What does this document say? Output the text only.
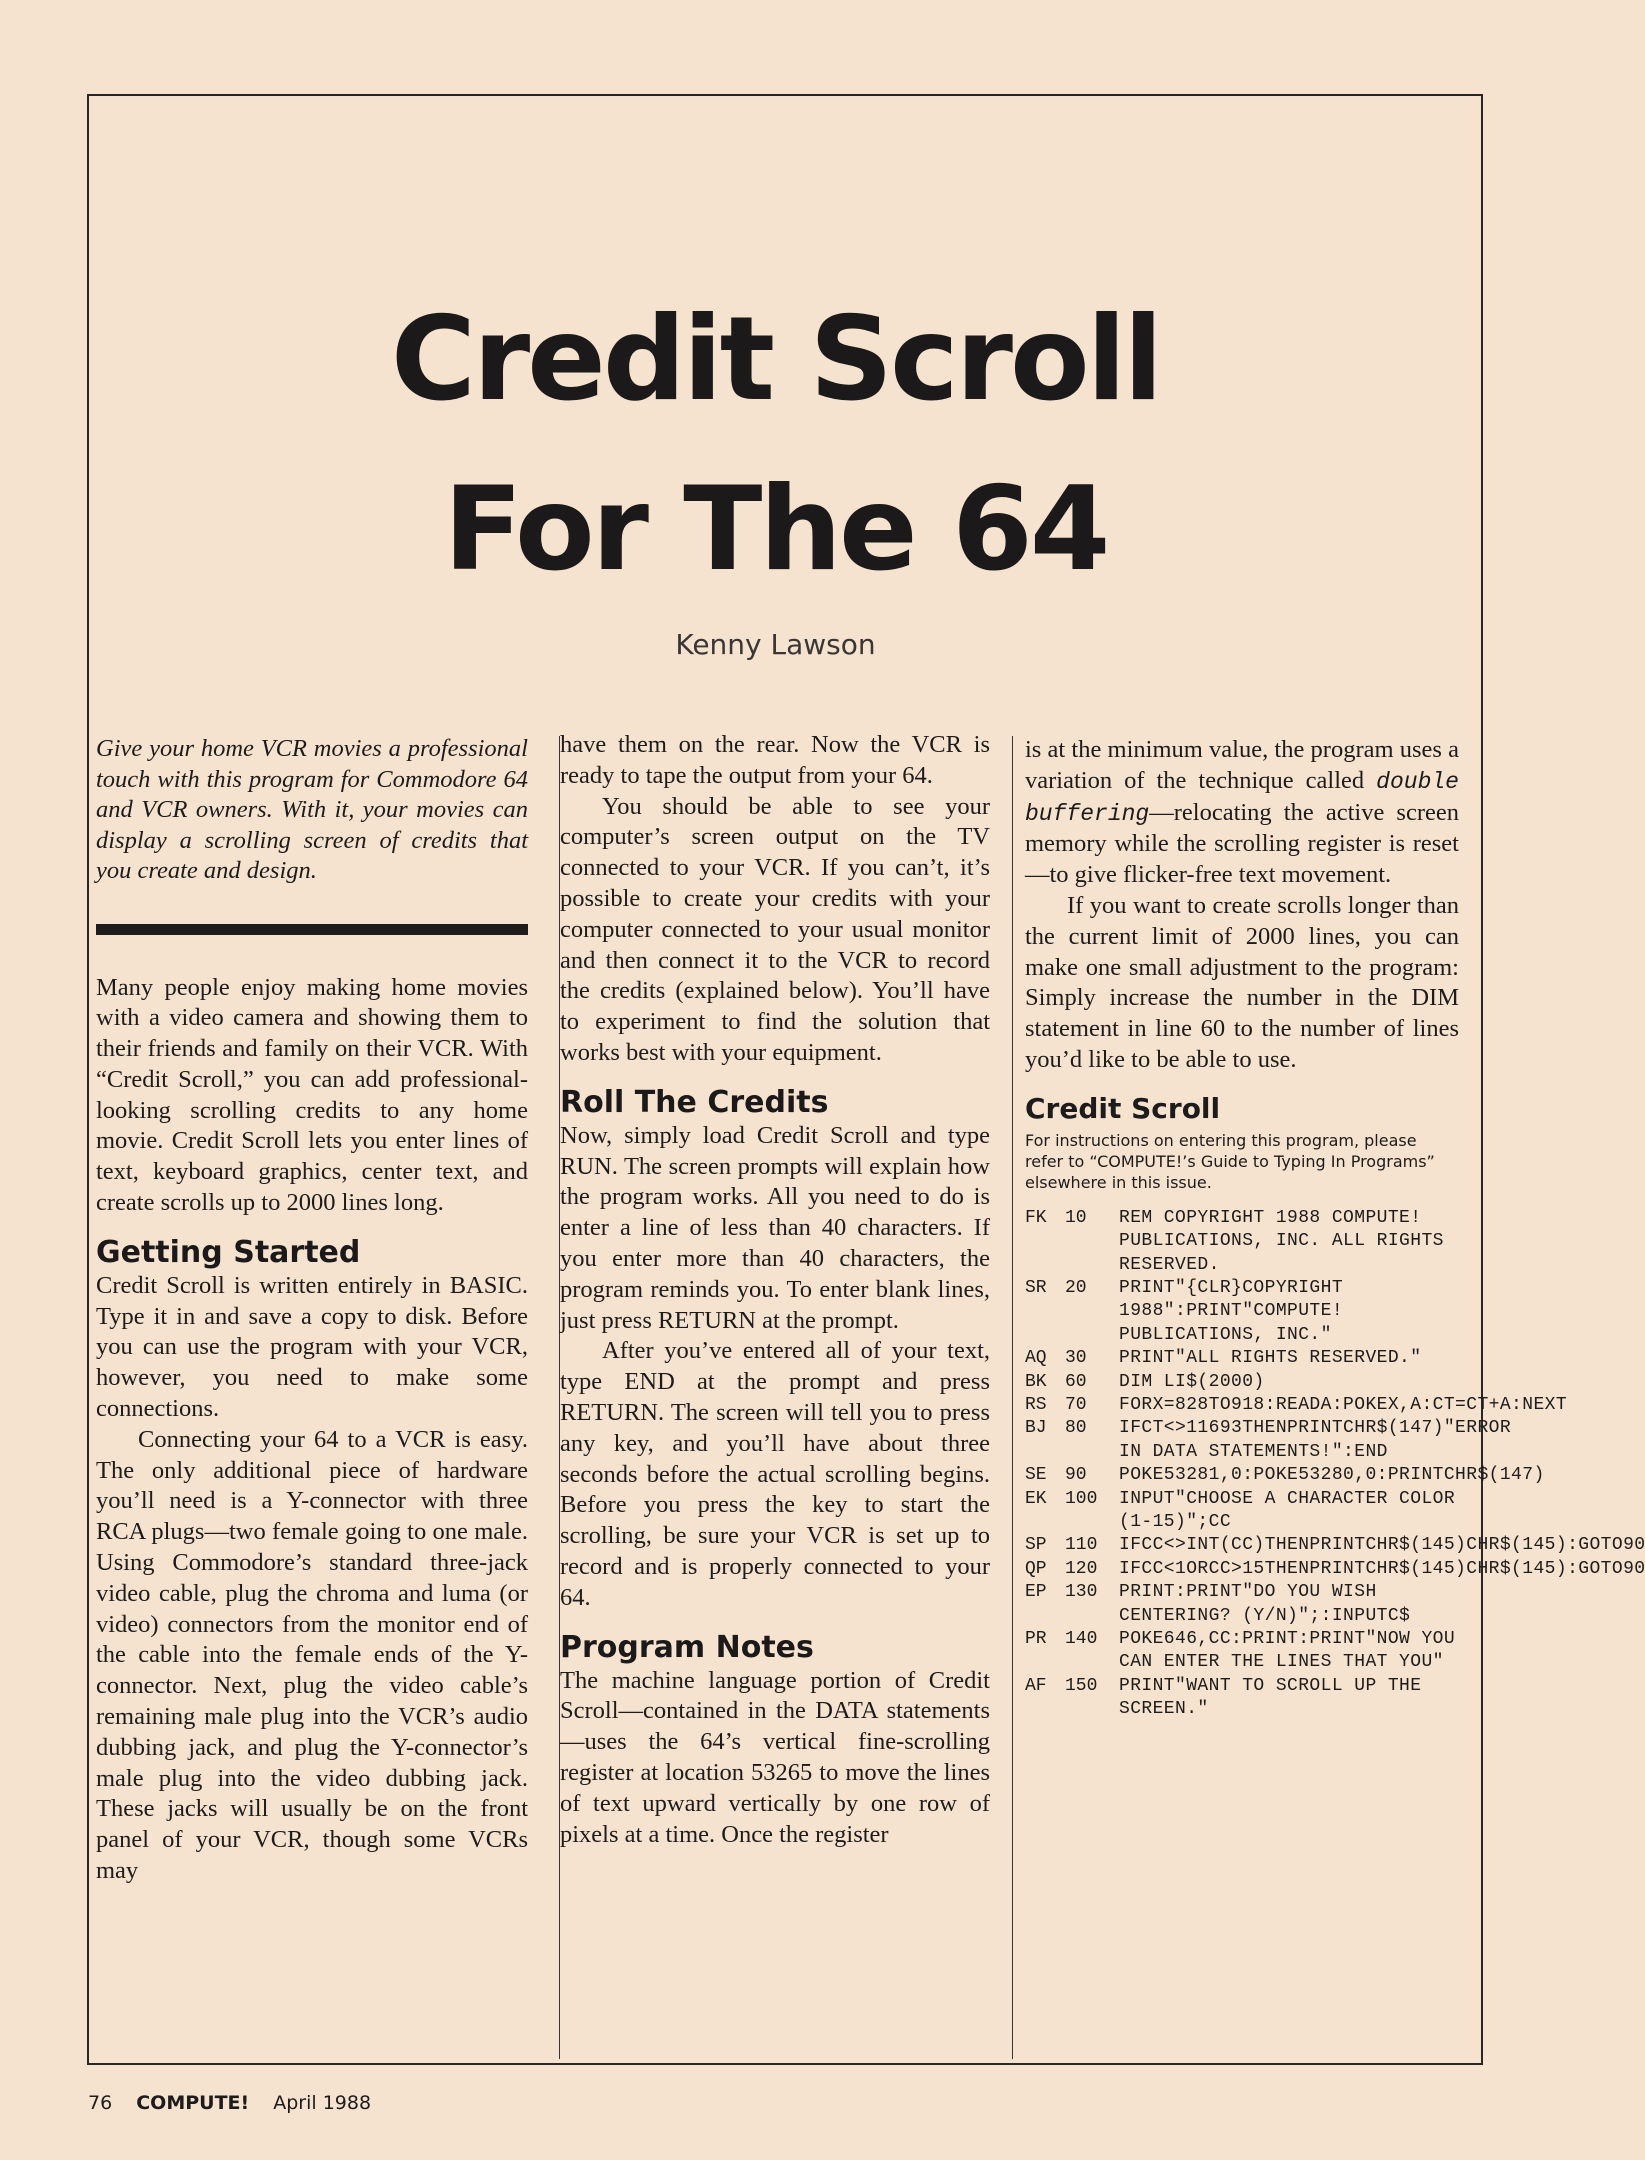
Credit Scroll
For The 64
Kenny Lawson

Give your home VCR movies a professional touch with this program for Commodore 64 and VCR owners. With it, your movies can display a scrolling screen of credits that you create and design.

Many people enjoy making home movies with a video camera and showing them to their friends and family on their VCR. With “Credit Scroll,” you can add professional-looking scrolling credits to any home movie. Credit Scroll lets you enter lines of text, keyboard graphics, center text, and create scrolls up to 2000 lines long.

Getting Started

Credit Scroll is written entirely in BASIC. Type it in and save a copy to disk. Before you can use the program with your VCR, however, you need to make some connections.

Connecting your 64 to a VCR is easy. The only additional piece of hardware you’ll need is a Y-connector with three RCA plugs—two female going to one male. Using Commodore’s standard three-jack video cable, plug the chroma and luma (or video) connectors from the monitor end of the cable into the female ends of the Y-connector. Next, plug the video cable’s remaining male plug into the VCR’s audio dubbing jack, and plug the Y-connector’s male plug into the video dubbing jack. These jacks will usually be on the front panel of your VCR, though some VCRs may

have them on the rear. Now the VCR is ready to tape the output from your 64.

You should be able to see your computer’s screen output on the TV connected to your VCR. If you can’t, it’s possible to create your credits with your computer connected to your usual monitor and then connect it to the VCR to record the credits (explained below). You’ll have to experiment to find the solution that works best with your equipment.

Roll The Credits

Now, simply load Credit Scroll and type RUN. The screen prompts will explain how the program works. All you need to do is enter a line of less than 40 characters. If you enter more than 40 characters, the program reminds you. To enter blank lines, just press RETURN at the prompt.

After you’ve entered all of your text, type END at the prompt and press RETURN. The screen will tell you to press any key, and you’ll have about three seconds before the actual scrolling begins. Before you press the key to start the scrolling, be sure your VCR is set up to record and is properly connected to your 64.

Program Notes

The machine language portion of Credit Scroll—contained in the DATA statements—uses the 64’s vertical fine-scrolling register at location 53265 to move the lines of text upward vertically by one row of pixels at a time. Once the register

is at the minimum value, the program uses a variation of the technique called double buffering—relocating the active screen memory while the scrolling register is reset—to give flicker-free text movement.

If you want to create scrolls longer than the current limit of 2000 lines, you can make one small adjustment to the program: Simply increase the number in the DIM statement in line 60 to the number of lines you’d like to be able to use.

Credit Scroll

For instructions on entering this program, please refer to “COMPUTE!’s Guide to Typing In Programs” elsewhere in this issue.

FK	10	REM COPYRIGHT 1988 COMPUTE! PUBLICATIONS, INC. ALL RIGHTS RESERVED.
SR	20	PRINT"{CLR}COPYRIGHT 1988":PRINT"COMPUTE! PUBLICATIONS, INC."
AQ	30	PRINT"ALL RIGHTS RESERVED."
BK	60	DIM LI$(2000)
RS	70	FORX=828TO918:READA:POKEX,A:CT=CT+A:NEXT
BJ	80	IFCT<>11693THENPRINTCHR$(147)"ERROR IN DATA STATEMENTS!":END
SE	90	POKE53281,0:POKE53280,0:PRINTCHR$(147)
EK	100	INPUT"CHOOSE A CHARACTER COLOR (1-15)";CC
SP	110	IFCC<>INT(CC)THENPRINTCHR$(145)CHR$(145):GOTO90
QP	120	IFCC<1ORCC>15THENPRINTCHR$(145)CHR$(145):GOTO90
EP	130	PRINT:PRINT"DO YOU WISH CENTERING? (Y/N)";:INPUTC$
PR	140	POKE646,CC:PRINT:PRINT"NOW YOU CAN ENTER THE LINES THAT YOU"
AF	150	PRINT"WANT TO SCROLL UP THE SCREEN."
76 COMPUTE! April 1988
